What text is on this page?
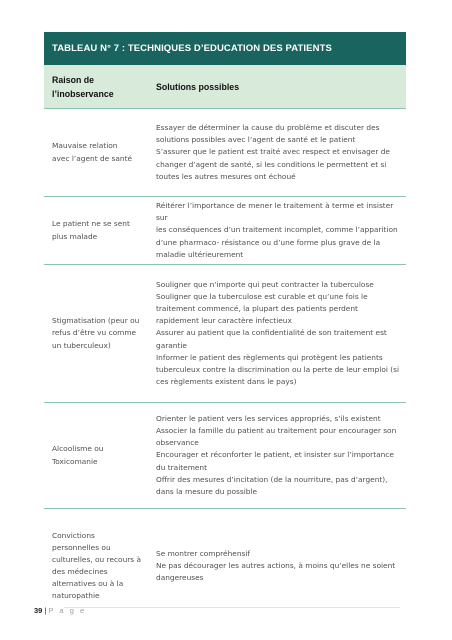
TABLEAU N° 7 : TECHNIQUES D’EDUCATION DES PATIENTS
Raison de
l’inobservance
Solutions possibles
Mauvaise relation
avec l’agent de santé
Essayer de déterminer la cause du problème et discuter des
solutions possibles avec l’agent de santé et le patient
S’assurer que le patient est traité avec respect et envisager de
changer d’agent de santé, si les conditions le permettent et si
toutes les autres mesures ont échoué
Le patient ne se sent
plus malade
Réitérer l’importance de mener le traitement à terme et insister sur
les conséquences d’un traitement incomplet, comme l’apparition
d’une pharmaco- résistance ou d’une forme plus grave de la
maladie ultérieurement
Stigmatisation (peur ou
refus d’être vu comme
un tuberculeux)
Souligner que n’importe qui peut contracter la tuberculose
Souligner que la tuberculose est curable et qu’une fois le
traitement commencé, la plupart des patients perdent
rapidement leur caractère infectieux
Assurer au patient que la confidentialité de son traitement est
garantie
Informer le patient des règlements qui protègent les patients
tuberculeux contre la discrimination ou la perte de leur emploi (si
ces règlements existent dans le pays)
Alcoolisme ou
Toxicomanie
Orienter le patient vers les services appropriés, s’ils existent
Associer la famille du patient au traitement pour encourager son
observance
Encourager et réconforter le patient, et insister sur l’importance
du traitement
Offrir des mesures d’incitation (de la nourriture, pas d’argent),
dans la mesure du possible
Convictions
personnelles ou
culturelles, ou recours à
des médecines
alternatives ou à la
naturopathie
Se montrer compréhensif
Ne pas décourager les autres actions, à moins qu’elles ne soient
dangereuses
39 | P a g e
